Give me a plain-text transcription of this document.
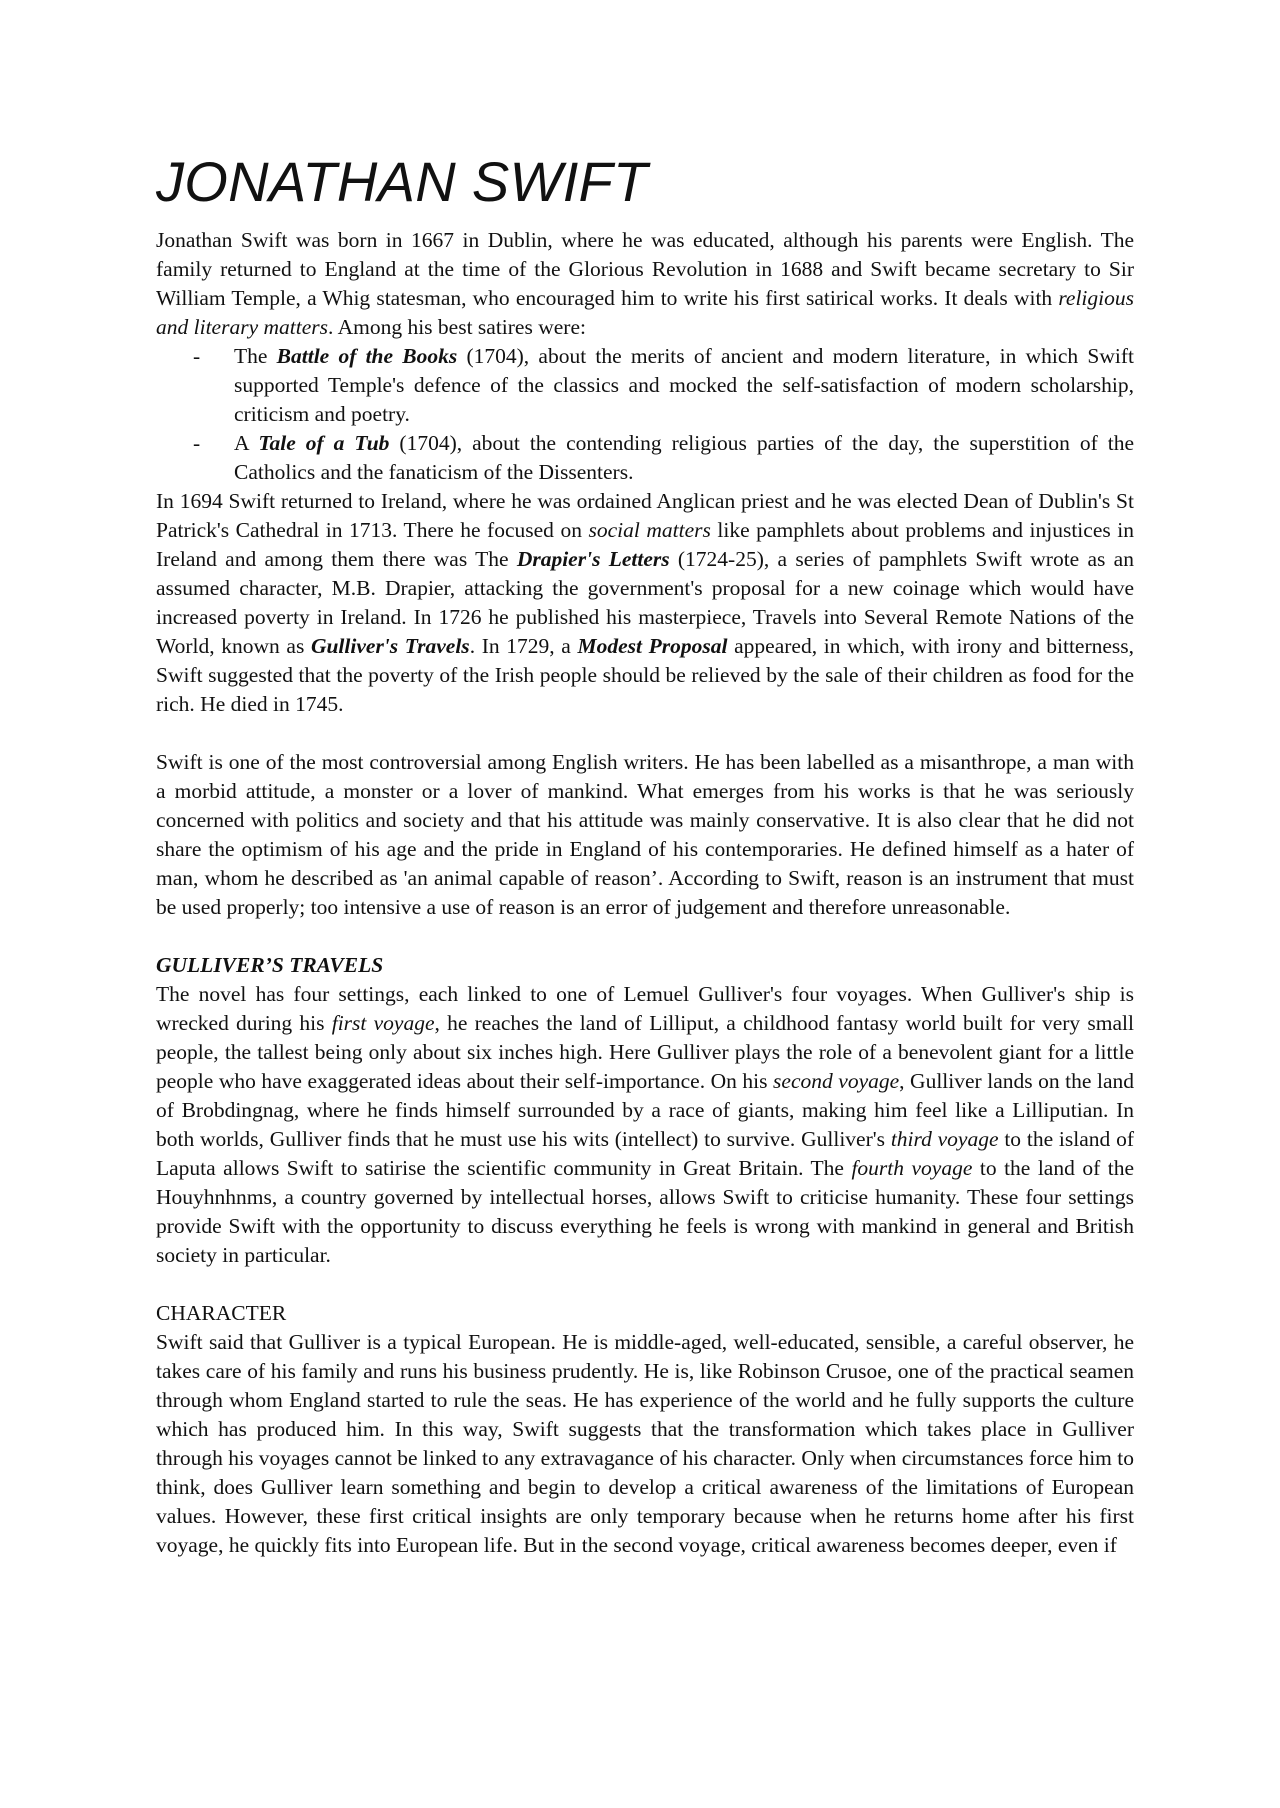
JONATHAN SWIFT

Jonathan Swift was born in 1667 in Dublin, where he was educated, although his parents were English. The family returned to England at the time of the Glorious Revolution in 1688 and Swift became secretary to Sir William Temple, a Whig statesman, who encouraged him to write his first satirical works. It deals with religious and literary matters. Among his best satires were:

- The Battle of the Books (1704), about the merits of ancient and modern literature, in which Swift supported Temple's defence of the classics and mocked the self-satisfaction of modern scholarship, criticism and poetry.
- A Tale of a Tub (1704), about the contending religious parties of the day, the superstition of the Catholics and the fanaticism of the Dissenters.

In 1694 Swift returned to Ireland, where he was ordained Anglican priest and he was elected Dean of Dublin's St Patrick's Cathedral in 1713. There he focused on social matters like pamphlets about problems and injustices in Ireland and among them there was The Drapier's Letters (1724-25), a series of pamphlets Swift wrote as an assumed character, M.B. Drapier, attacking the government's proposal for a new coinage which would have increased poverty in Ireland. In 1726 he published his masterpiece, Travels into Several Remote Nations of the World, known as Gulliver's Travels. In 1729, a Modest Proposal appeared, in which, with irony and bitterness, Swift suggested that the poverty of the Irish people should be relieved by the sale of their children as food for the rich. He died in 1745.

Swift is one of the most controversial among English writers. He has been labelled as a misanthrope, a man with a morbid attitude, a monster or a lover of mankind. What emerges from his works is that he was seriously concerned with politics and society and that his attitude was mainly conservative. It is also clear that he did not share the optimism of his age and the pride in England of his contemporaries. He defined himself as a hater of man, whom he described as 'an animal capable of reason’. According to Swift, reason is an instrument that must be used properly; too intensive a use of reason is an error of judgement and therefore unreasonable.

GULLIVER’S TRAVELS

The novel has four settings, each linked to one of Lemuel Gulliver's four voyages. When Gulliver's ship is wrecked during his first voyage, he reaches the land of Lilliput, a childhood fantasy world built for very small people, the tallest being only about six inches high. Here Gulliver plays the role of a benevolent giant for a little people who have exaggerated ideas about their self-importance. On his second voyage, Gulliver lands on the land of Brobdingnag, where he finds himself surrounded by a race of giants, making him feel like a Lilliputian. In both worlds, Gulliver finds that he must use his wits (intellect) to survive. Gulliver's third voyage to the island of Laputa allows Swift to satirise the scientific community in Great Britain. The fourth voyage to the land of the Houyhnhnms, a country governed by intellectual horses, allows Swift to criticise humanity. These four settings provide Swift with the opportunity to discuss everything he feels is wrong with mankind in general and British society in particular.

CHARACTER

Swift said that Gulliver is a typical European. He is middle-aged, well-educated, sensible, a careful observer, he takes care of his family and runs his business prudently. He is, like Robinson Crusoe, one of the practical seamen through whom England started to rule the seas. He has experience of the world and he fully supports the culture which has produced him. In this way, Swift suggests that the transformation which takes place in Gulliver through his voyages cannot be linked to any extravagance of his character. Only when circumstances force him to think, does Gulliver learn something and begin to develop a critical awareness of the limitations of European values. However, these first critical insights are only temporary because when he returns home after his first voyage, he quickly fits into European life. But in the second voyage, critical awareness becomes deeper, even if
